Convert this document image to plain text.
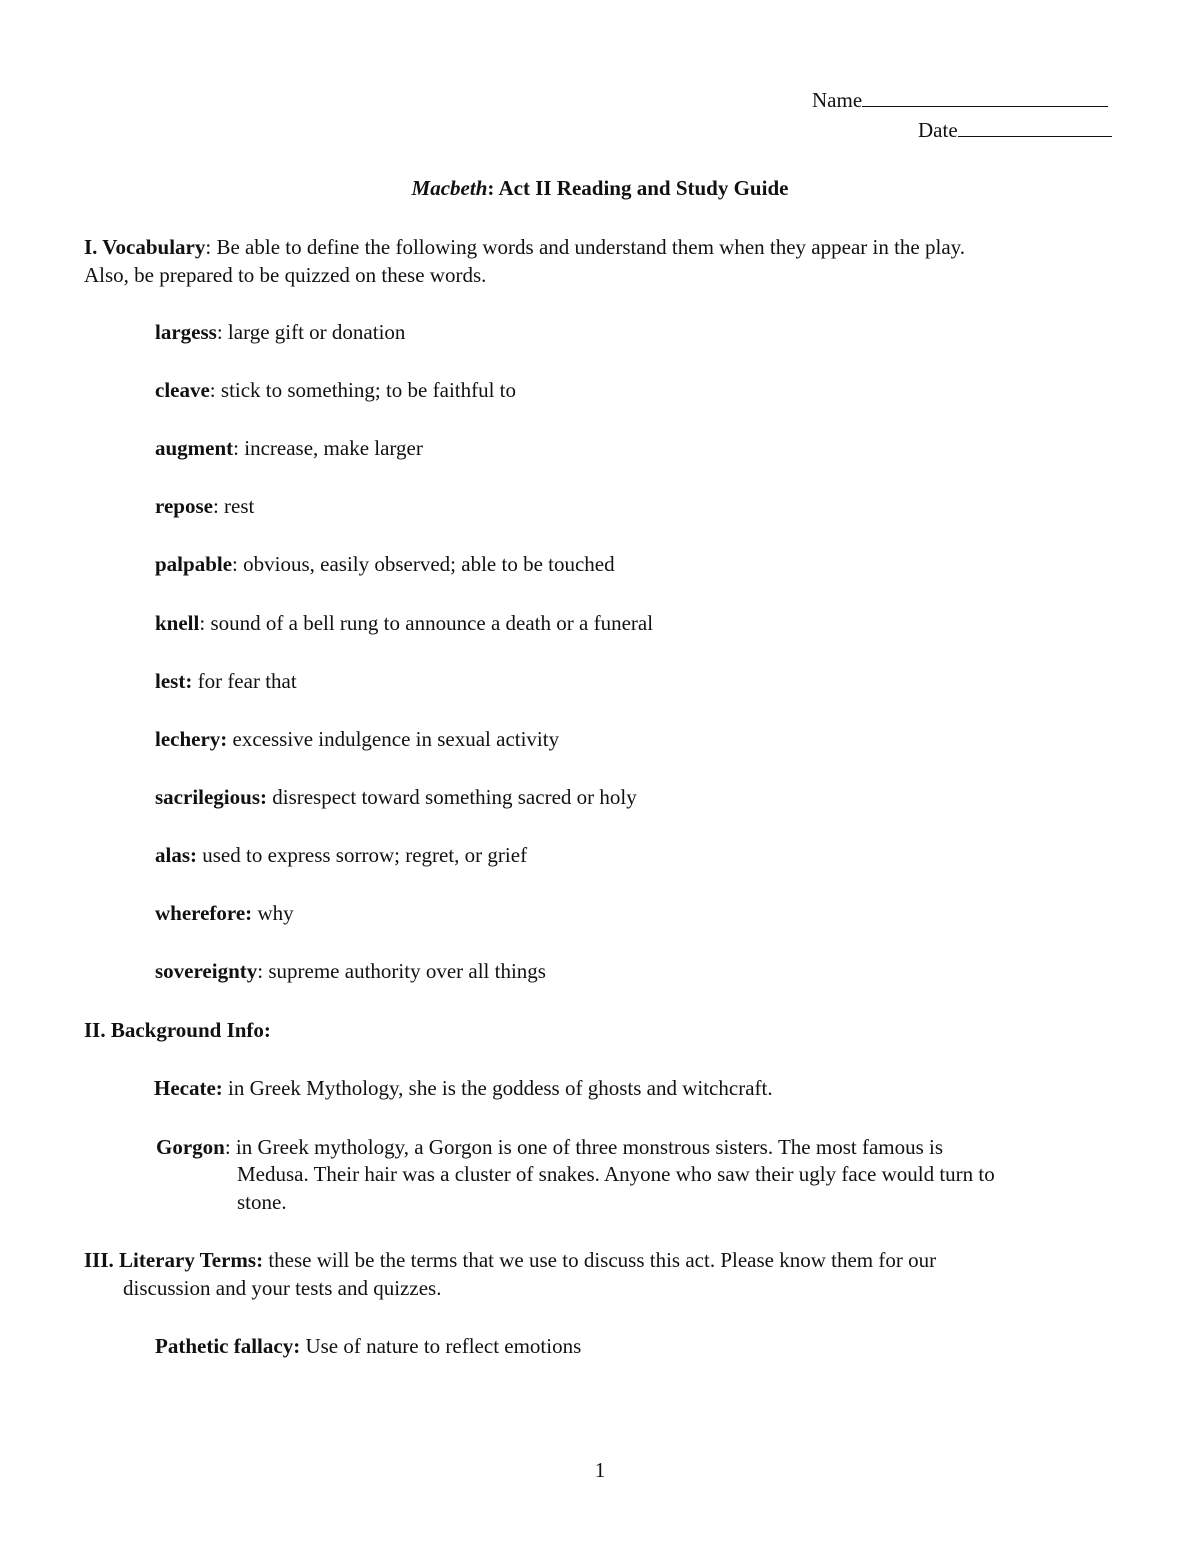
Name
Date
Macbeth: Act II Reading and Study Guide
I. Vocabulary: Be able to define the following words and understand them when they appear in the play.
Also, be prepared to be quizzed on these words.
largess: large gift or donation
cleave: stick to something; to be faithful to
augment: increase, make larger
repose: rest
palpable: obvious, easily observed; able to be touched
knell: sound of a bell rung to announce a death or a funeral
lest: for fear that
lechery: excessive indulgence in sexual activity
sacrilegious: disrespect toward something sacred or holy
alas: used to express sorrow; regret, or grief
wherefore: why
sovereignty: supreme authority over all things
II. Background Info:
Hecate: in Greek Mythology, she is the goddess of ghosts and witchcraft.
Gorgon: in Greek mythology, a Gorgon is one of three monstrous sisters. The most famous is
Medusa. Their hair was a cluster of snakes. Anyone who saw their ugly face would turn to
stone.
III. Literary Terms: these will be the terms that we use to discuss this act. Please know them for our
discussion and your tests and quizzes.
Pathetic fallacy: Use of nature to reflect emotions
1
